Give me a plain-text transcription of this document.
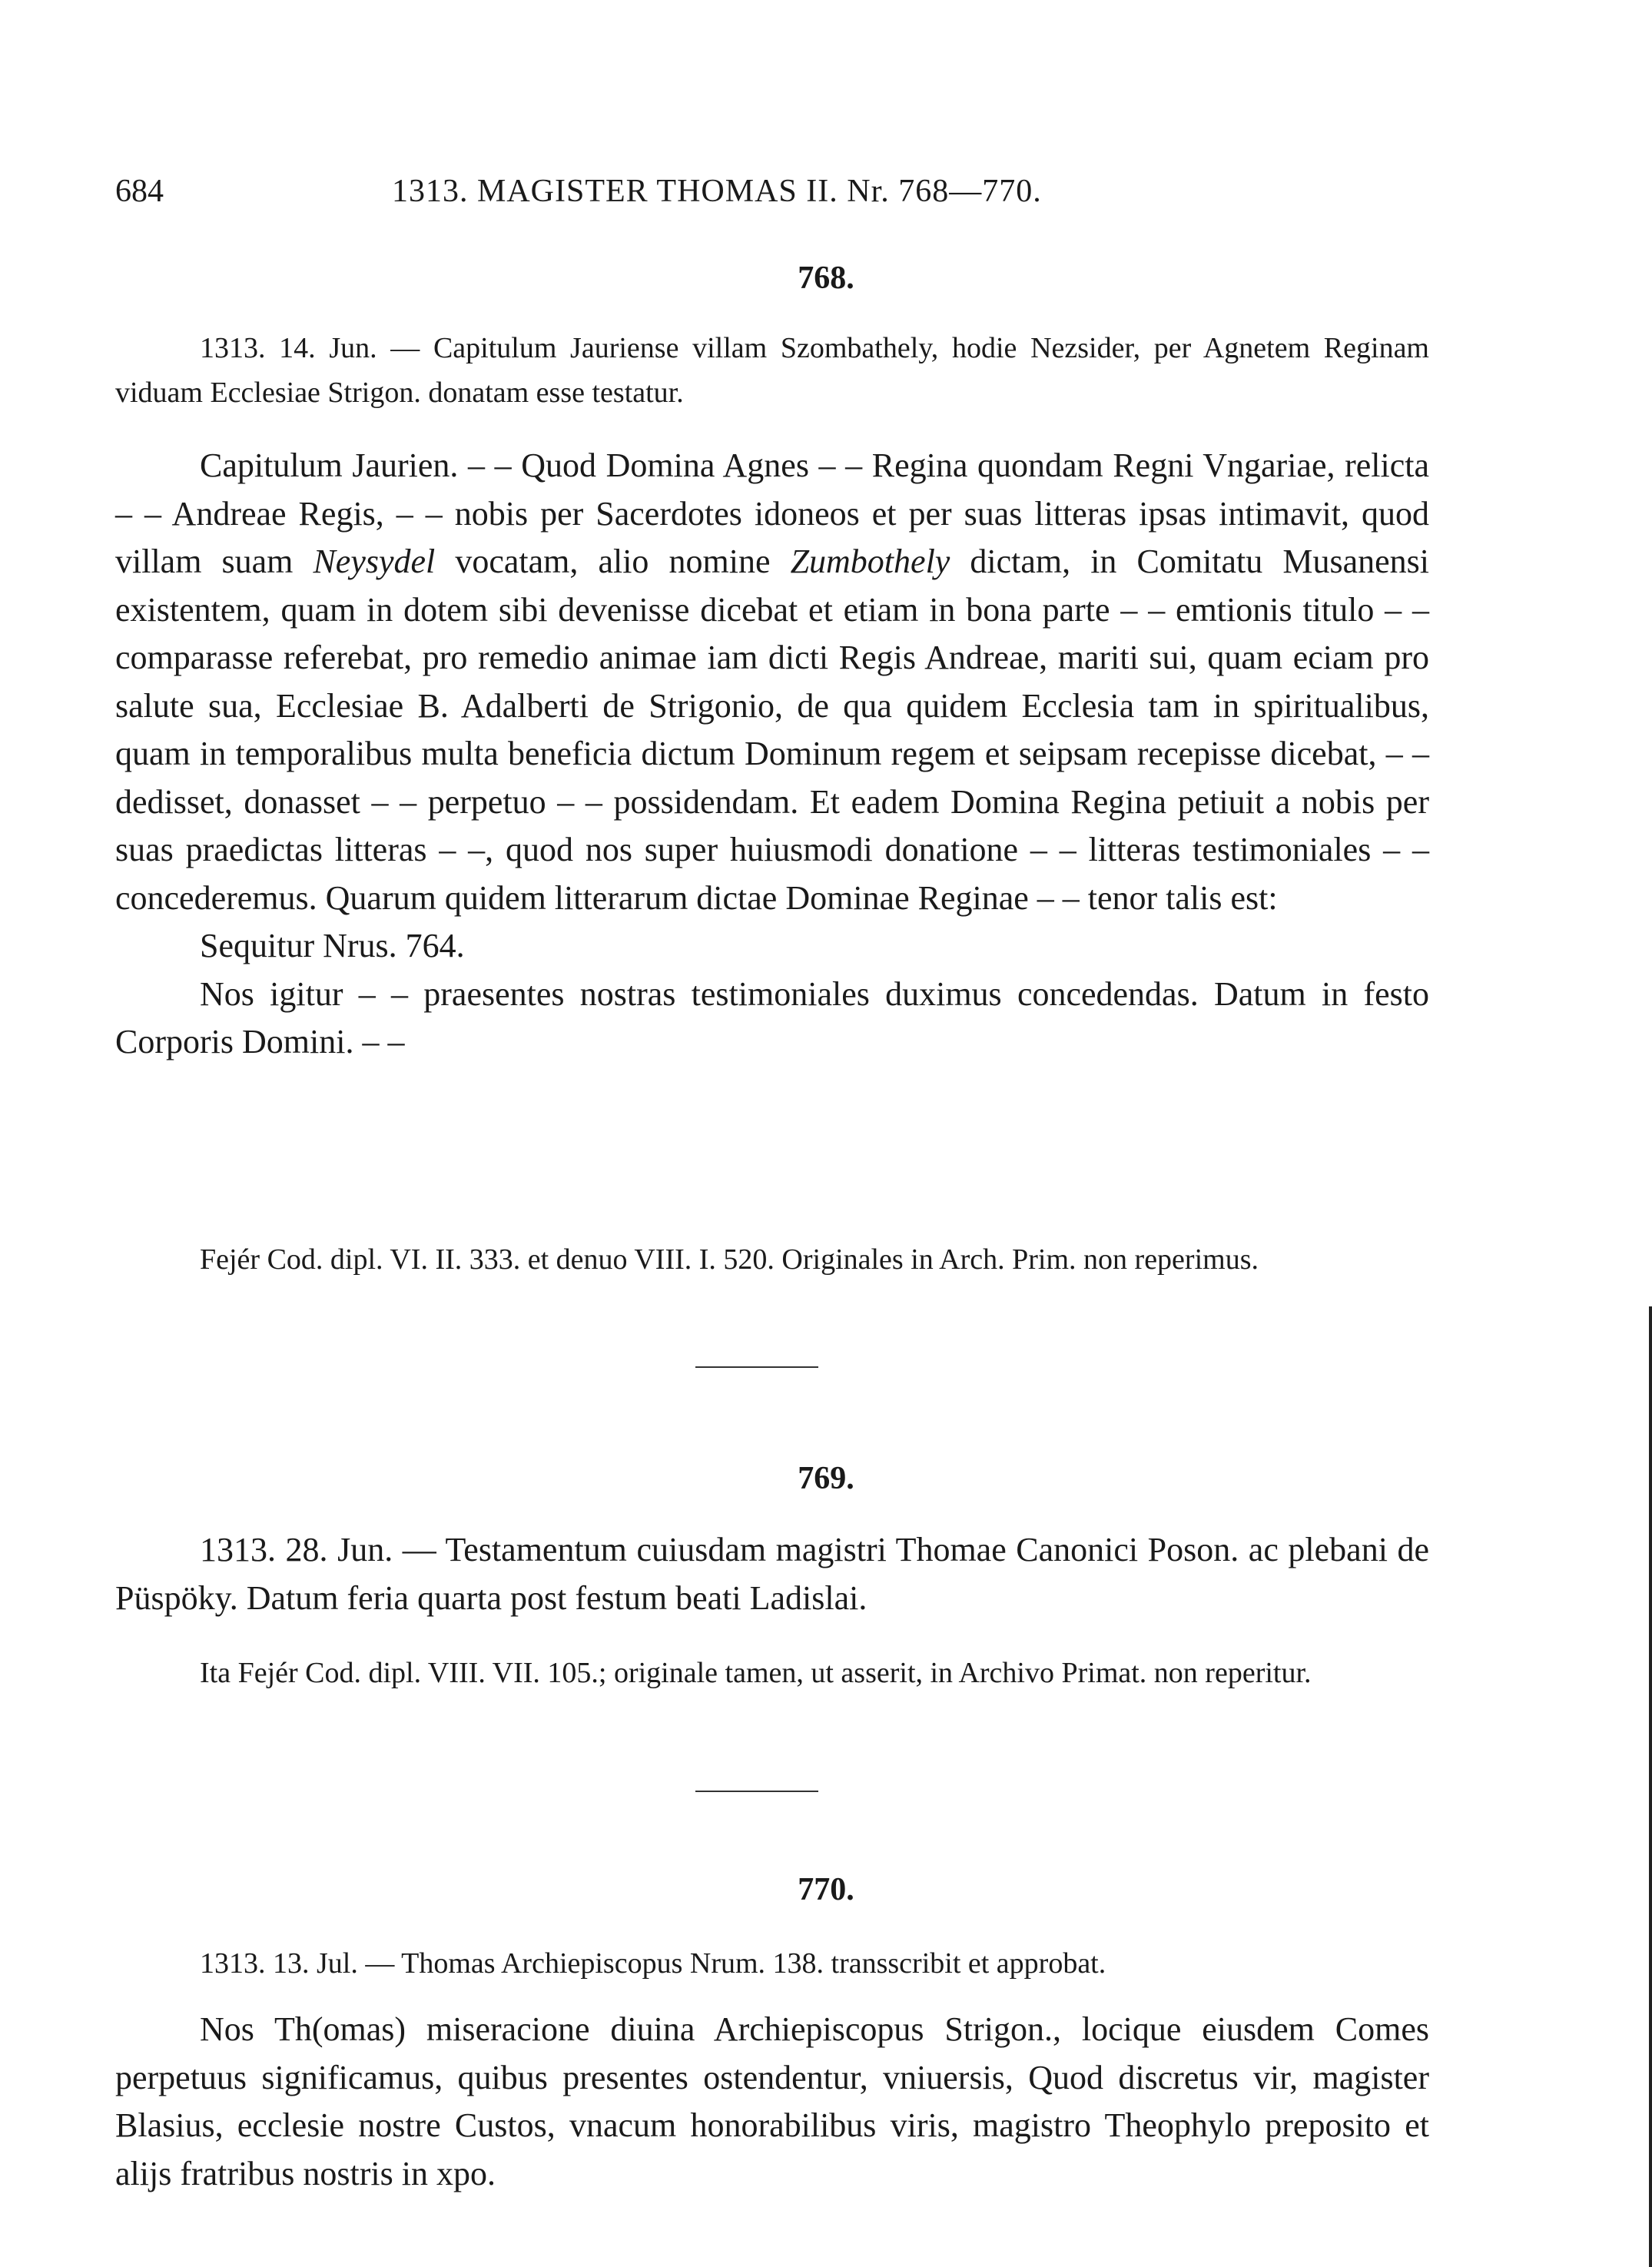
684	1313. MAGISTER THOMAS II. Nr. 768—770.
768.
1313. 14. Jun. — Capitulum Jauriense villam Szombathely, hodie Nezsider, per Agnetem Reginam viduam Ecclesiae Strigon. donatam esse testatur.

Capitulum Jaurien. – – Quod Domina Agnes – – Regina quondam Regni Vngariae, relicta – – Andreae Regis, – – nobis per Sacerdotes idoneos et per suas litteras ipsas intimavit, quod villam suam Neysydel vocatam, alio nomine Zumbothely dictam, in Comitatu Musanensi existentem, quam in dotem sibi devenisse dicebat et etiam in bona parte – – emtionis titulo – – comparasse referebat, pro remedio animae iam dicti Regis Andreae, mariti sui, quam eciam pro salute sua, Ecclesiae B. Adalberti de Strigonio, de qua quidem Ecclesia tam in spiritualibus, quam in temporalibus multa beneficia dictum Dominum regem et seipsam recepisse dicebat, – – dedisset, donasset – – perpetuo – – possidendam. Et eadem Domina Regina petiuit a nobis per suas praedictas litteras – –, quod nos super huiusmodi donatione – – litteras testimoniales – – concederemus. Quarum quidem litterarum dictae Dominae Reginae – – tenor talis est:

Sequitur Nrus. 764.

Nos igitur – – praesentes nostras testimoniales duximus concedendas. Datum in festo Corporis Domini. – –

Fejér Cod. dipl. VI. II. 333. et denuo VIII. I. 520. Originales in Arch. Prim. non reperimus.
769.

1313. 28. Jun. — Testamentum cuiusdam magistri Thomae Canonici Poson. ac plebani de Püspöky. Datum feria quarta post festum beati Ladislai.

Ita Fejér Cod. dipl. VIII. VII. 105.; originale tamen, ut asserit, in Archivo Primat. non reperitur.
770.
1313. 13. Jul. — Thomas Archiepiscopus Nrum. 138. transscribit et approbat.

Nos Th(omas) miseracione diuina Archiepiscopus Strigon., locique eiusdem Comes perpetuus significamus, quibus presentes ostendentur, vniuersis, Quod discretus vir, magister Blasius, ecclesie nostre Custos, vnacum honorabilibus viris, magistro Theophylo preposito et alijs fratribus nostris in xpo.
